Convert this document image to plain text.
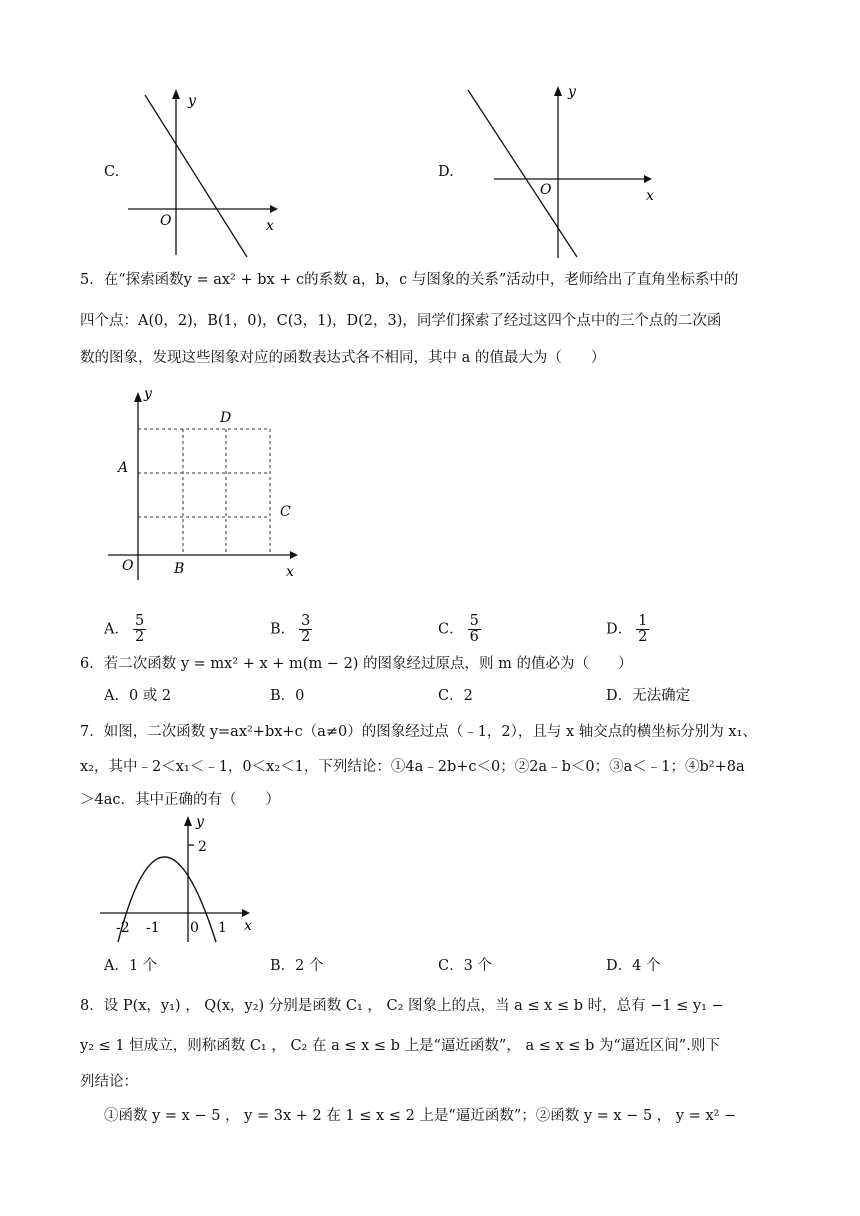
C.
y
x
O
D.
y
x
O
5．在“探索函数y = ax² + bx + c的系数 a，b，c 与图象的关系”活动中，老师给出了直角坐标系中的
四个点：A(0，2)，B(1，0)，C(3，1)，D(2，3)，同学们探索了经过这四个点中的三个点的二次函
数的图象，发现这些图象对应的函数表达式各不相同，其中 a 的值最大为（　　）
y
x
O
A
B
C
D
A． $\frac{5}{2}$	B． $\frac{3}{2}$	C． $\frac{5}{6}$	D． $\frac{1}{2}$
6．若二次函数 y = mx² + x + m(m − 2) 的图象经过原点，则 m 的值必为（　　）
A．0 或 2	B．0	C．2	D．无法确定
7．如图，二次函数 y=ax²+bx+c（a≠0）的图象经过点（﹣1，2），且与 x 轴交点的横坐标分别为 x₁、
x₂，其中﹣2＜x₁＜﹣1，0＜x₂＜1，下列结论：①4a﹣2b+c＜0；②2a﹣b＜0；③a＜﹣1；④b²+8a
＞4ac．其中正确的有（　　）
y
x
2
-2 -1 0 1
A．1 个	B．2 个	C．3 个	D．4 个
8．设 P(x，y₁) ， Q(x，y₂) 分别是函数 C₁ ， C₂ 图象上的点，当 a ≤ x ≤ b 时，总有 −1 ≤ y₁ −
y₂ ≤ 1 恒成立，则称函数 C₁ ， C₂ 在 a ≤ x ≤ b 上是“逼近函数”， a ≤ x ≤ b 为“逼近区间”.则下
列结论：
①函数 y = x − 5 ， y = 3x + 2 在 1 ≤ x ≤ 2 上是“逼近函数”；②函数 y = x − 5 ， y = x² −
